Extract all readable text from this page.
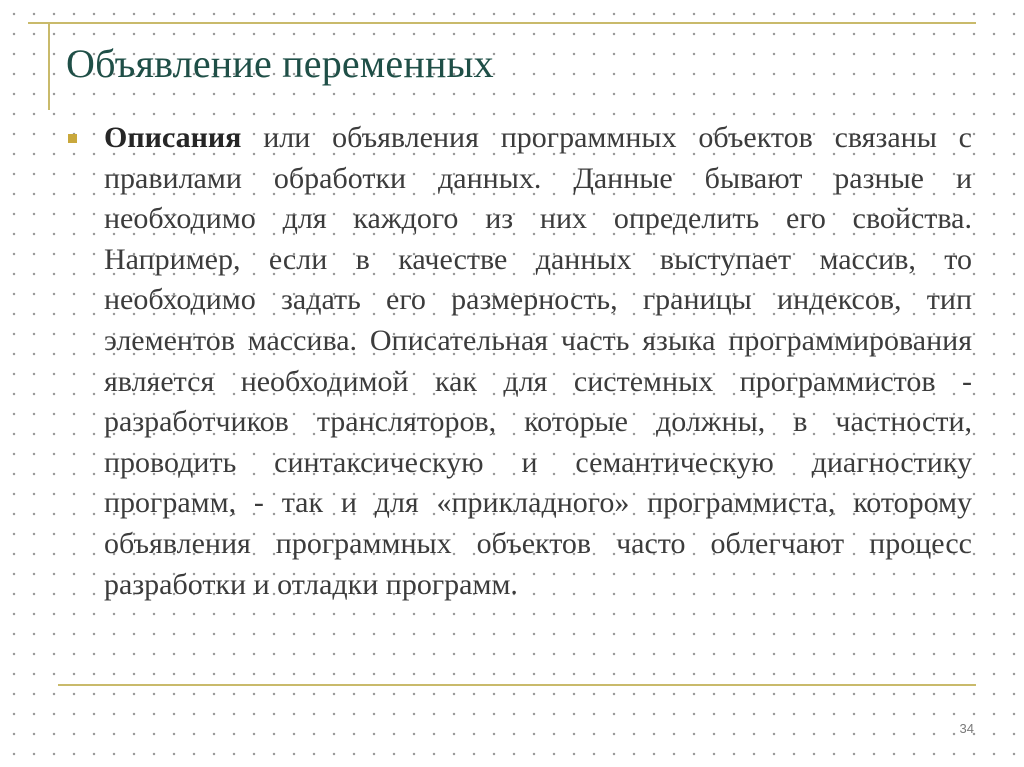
Объявление переменных

Описания или объявления программных объектов связаны с правилами обработки данных. Данные бывают разные и необходимо для каждого из них определить его свойства. Например, если в качестве данных выступает массив, то необходимо задать его размерность, границы индексов, тип элементов массива. Описательная часть языка программирования является необходимой как для системных программистов - разработчиков трансляторов, которые должны, в частности, проводить синтаксическую и семантическую диагностику программ, - так и для «прикладного» программиста, которому объявления программных объектов часто облегчают процесс разработки и отладки программ.

34
